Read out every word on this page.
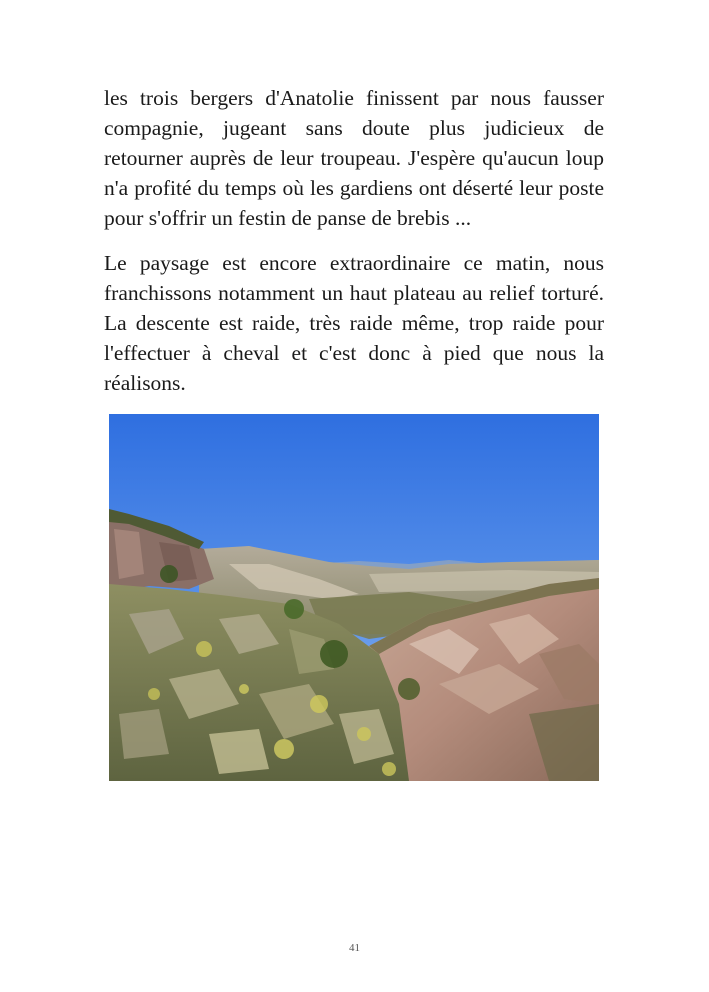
les trois bergers d'Anatolie finissent par nous fausser compagnie, jugeant sans doute plus judicieux de retourner auprès de leur troupeau. J'espère qu'aucun loup n'a profité du temps où les gardiens ont déserté leur poste pour s'offrir un festin de panse de brebis ...

Le paysage est encore extraordinaire ce matin, nous franchissons notamment un haut plateau au relief torturé. La descente est raide, très raide même, trop raide pour l'effectuer à cheval et c'est donc à pied que nous la réalisons.

41
